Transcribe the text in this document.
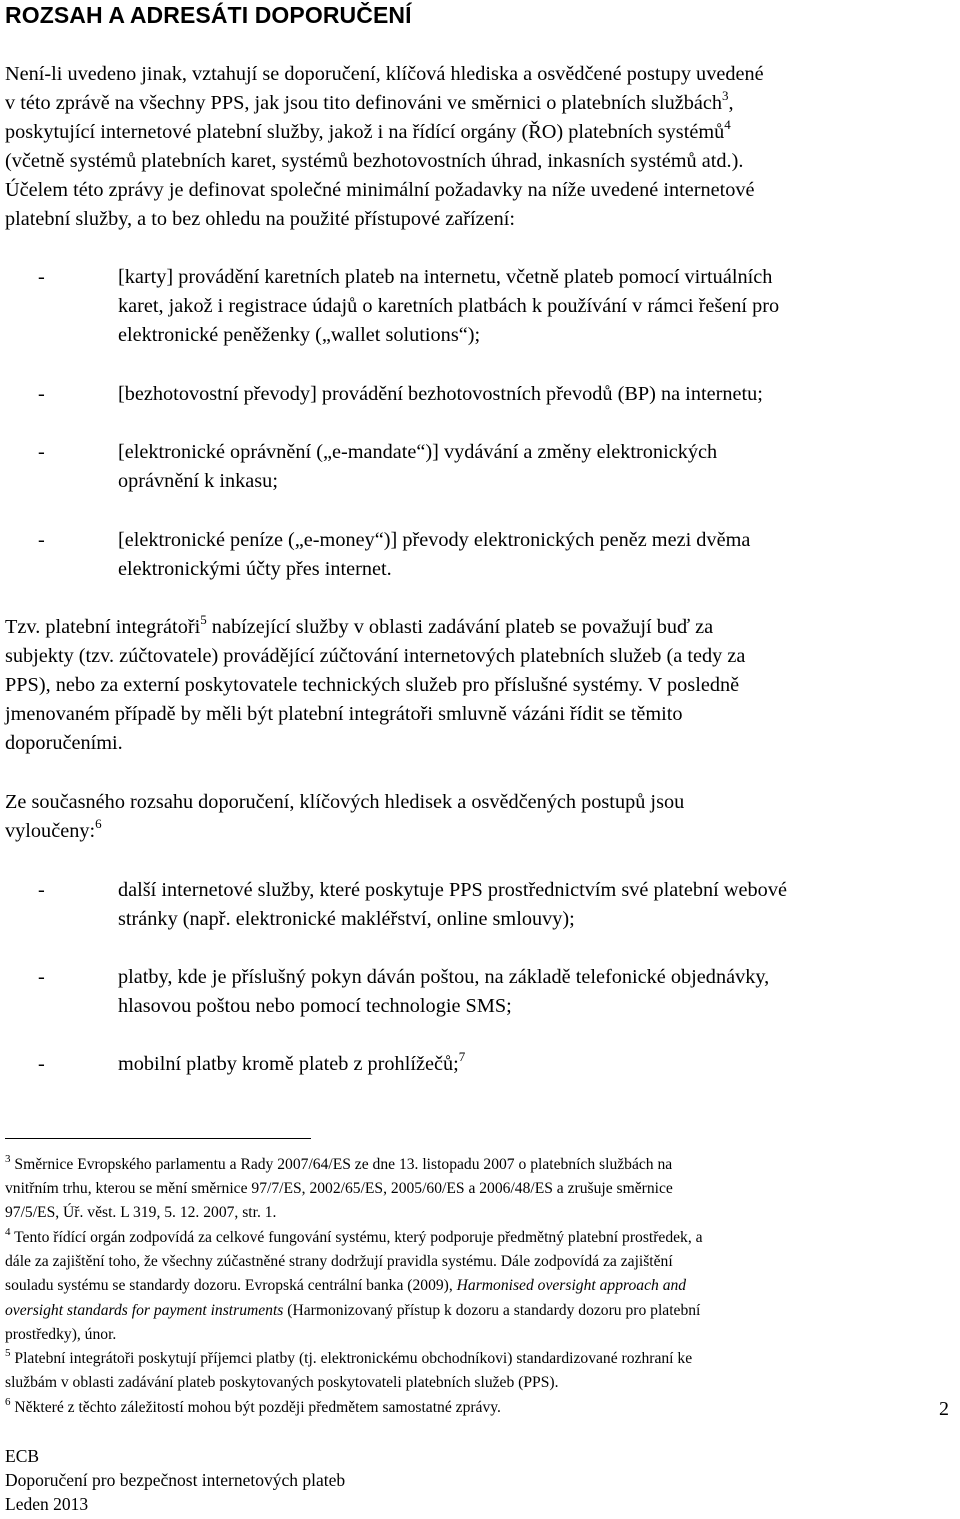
ROZSAH A ADRESÁTI DOPORUČENÍ
Není-li uvedeno jinak, vztahují se doporučení, klíčová hlediska a osvědčené postupy uvedené
v této zprávě na všechny PPS, jak jsou tito definováni ve směrnici o platebních službách$^3$,
poskytující internetové platební služby, jakož i na řídící orgány (ŘO) platebních systémů$^4$
(včetně systémů platebních karet, systémů bezhotovostních úhrad, inkasních systémů atd.).
Účelem této zprávy je definovat společné minimální požadavky na níže uvedené internetové
platební služby, a to bez ohledu na použité přístupové zařízení:
-	[karty] provádění karetních plateb na internetu, včetně plateb pomocí virtuálních
karet, jakož i registrace údajů o karetních platbách k používání v rámci řešení pro
elektronické peněženky („wallet solutions“);
-	[bezhotovostní převody] provádění bezhotovostních převodů (BP) na internetu;
-	[elektronické oprávnění („e-mandate“)] vydávání a změny elektronických
oprávnění k inkasu;
-	[elektronické peníze („e-money“)] převody elektronických peněz mezi dvěma
elektronickými účty přes internet.
Tzv. platební integrátoři$^5$ nabízející služby v oblasti zadávání plateb se považují buď za
subjekty (tzv. zúčtovatele) provádějící zúčtování internetových platebních služeb (a tedy za
PPS), nebo za externí poskytovatele technických služeb pro příslušné systémy. V posledně
jmenovaném případě by měli být platební integrátoři smluvně vázáni řídit se těmito
doporučeními.
Ze současného rozsahu doporučení, klíčových hledisek a osvědčených postupů jsou
vyloučeny:$^6$
-	další internetové služby, které poskytuje PPS prostřednictvím své platební webové
stránky (např. elektronické makléřství, online smlouvy);
-	platby, kde je příslušný pokyn dáván poštou, na základě telefonické objednávky,
hlasovou poštou nebo pomocí technologie SMS;
-	mobilní platby kromě plateb z prohlížečů;$^7$
$^3$ Směrnice Evropského parlamentu a Rady 2007/64/ES ze dne 13. listopadu 2007 o platebních službách na
vnitřním trhu, kterou se mění směrnice 97/7/ES, 2002/65/ES, 2005/60/ES a 2006/48/ES a zrušuje směrnice
97/5/ES, Úř. věst. L 319, 5. 12. 2007, str. 1.
$^4$ Tento řídící orgán zodpovídá za celkové fungování systému, který podporuje předmětný platební prostředek, a
dále za zajištění toho, že všechny zúčastněné strany dodržují pravidla systému. Dále zodpovídá za zajištění
souladu systému se standardy dozoru. Evropská centrální banka (2009), Harmonised oversight approach and
oversight standards for payment instruments (Harmonizovaný přístup k dozoru a standardy dozoru pro platební
prostředky), únor.
$^5$ Platební integrátoři poskytují příjemci platby (tj. elektronickému obchodníkovi) standardizované rozhraní ke
službám v oblasti zadávání plateb poskytovaných poskytovateli platebních služeb (PPS).
$^6$ Některé z těchto záležitostí mohou být později předmětem samostatné zprávy.	2
ECB
Doporučení pro bezpečnost internetových plateb
Leden 2013
